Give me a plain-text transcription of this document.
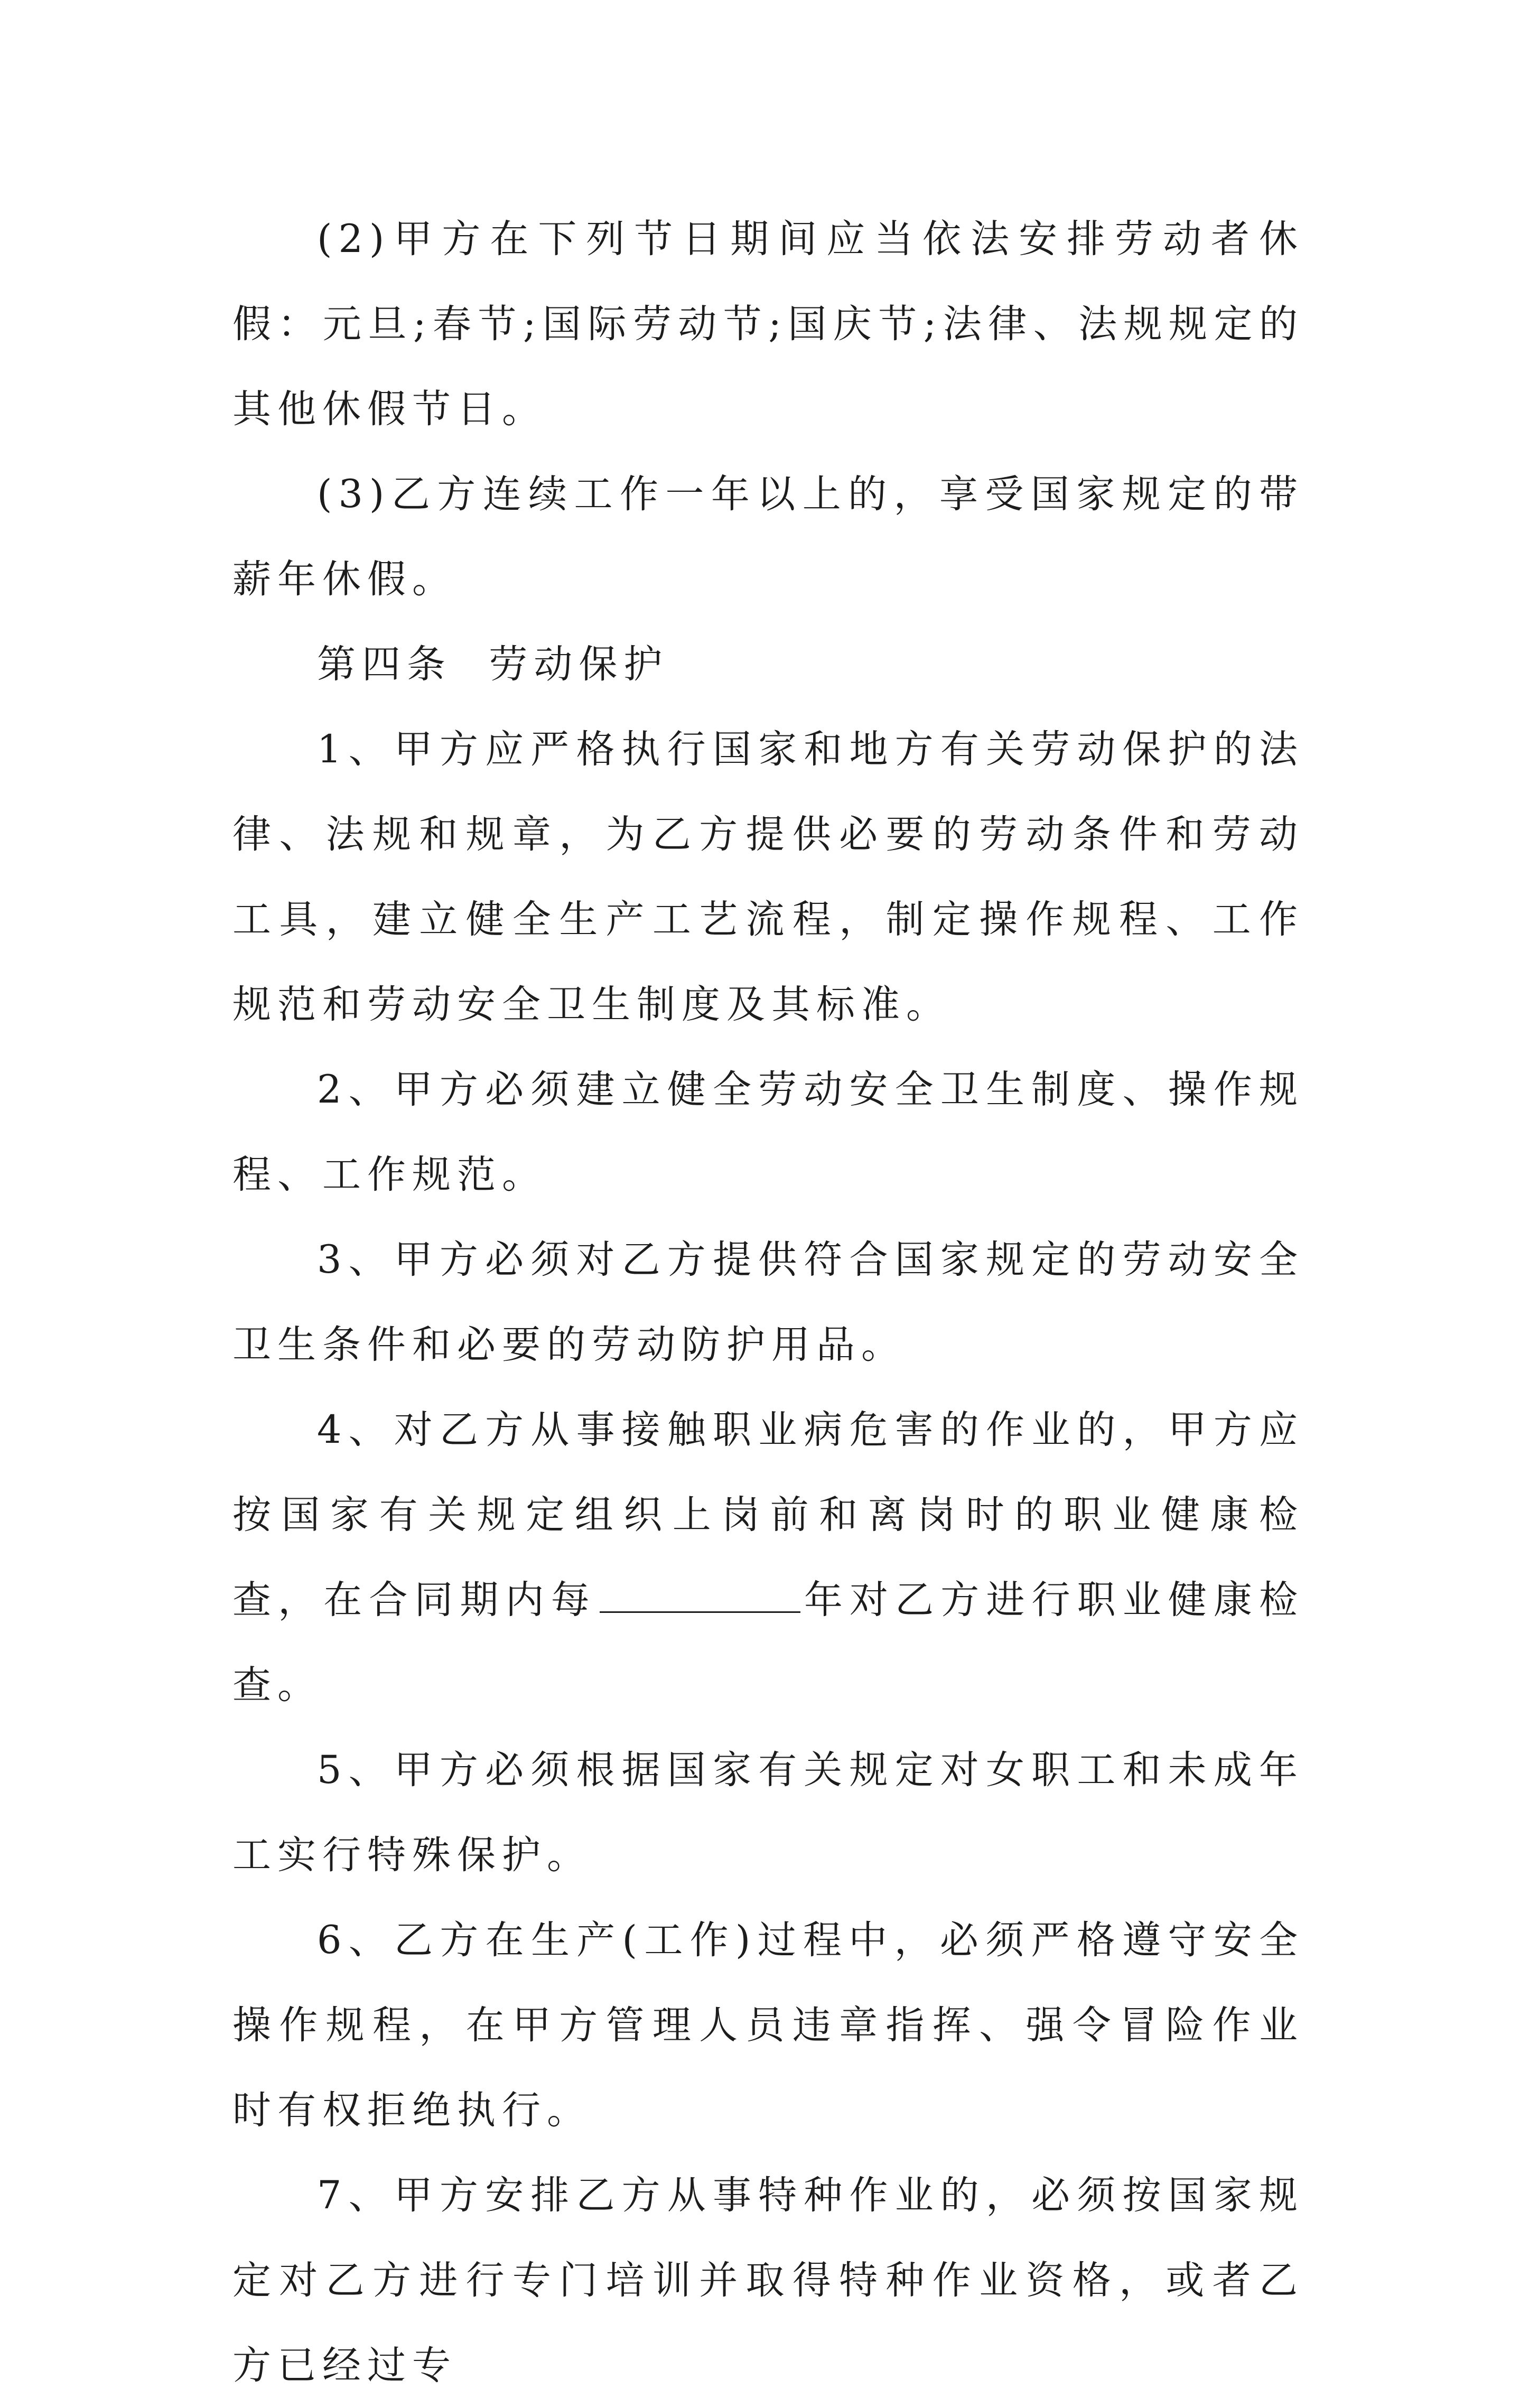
(2)甲方在下列节日期间应当依法安排劳动者休假：元旦;春节;国际劳动节;国庆节;法律、法规规定的其他休假节日。

(3)乙方连续工作一年以上的，享受国家规定的带薪年休假。

第四条  劳动保护

1、甲方应严格执行国家和地方有关劳动保护的法律、法规和规章，为乙方提供必要的劳动条件和劳动工具，建立健全生产工艺流程，制定操作规程、工作规范和劳动安全卫生制度及其标准。

2、甲方必须建立健全劳动安全卫生制度、操作规程、工作规范。

3、甲方必须对乙方提供符合国家规定的劳动安全卫生条件和必要的劳动防护用品。

4、对乙方从事接触职业病危害的作业的，甲方应按国家有关规定组织上岗前和离岗时的职业健康检查，在合同期内每	年对乙方进行职业健康检查。

5、甲方必须根据国家有关规定对女职工和未成年工实行特殊保护。

6、乙方在生产(工作)过程中，必须严格遵守安全操作规程，在甲方管理人员违章指挥、强令冒险作业时有权拒绝执行。

7、甲方安排乙方从事特种作业的，必须按国家规定对乙方进行专门培训并取得特种作业资格，或者乙方已经过专
